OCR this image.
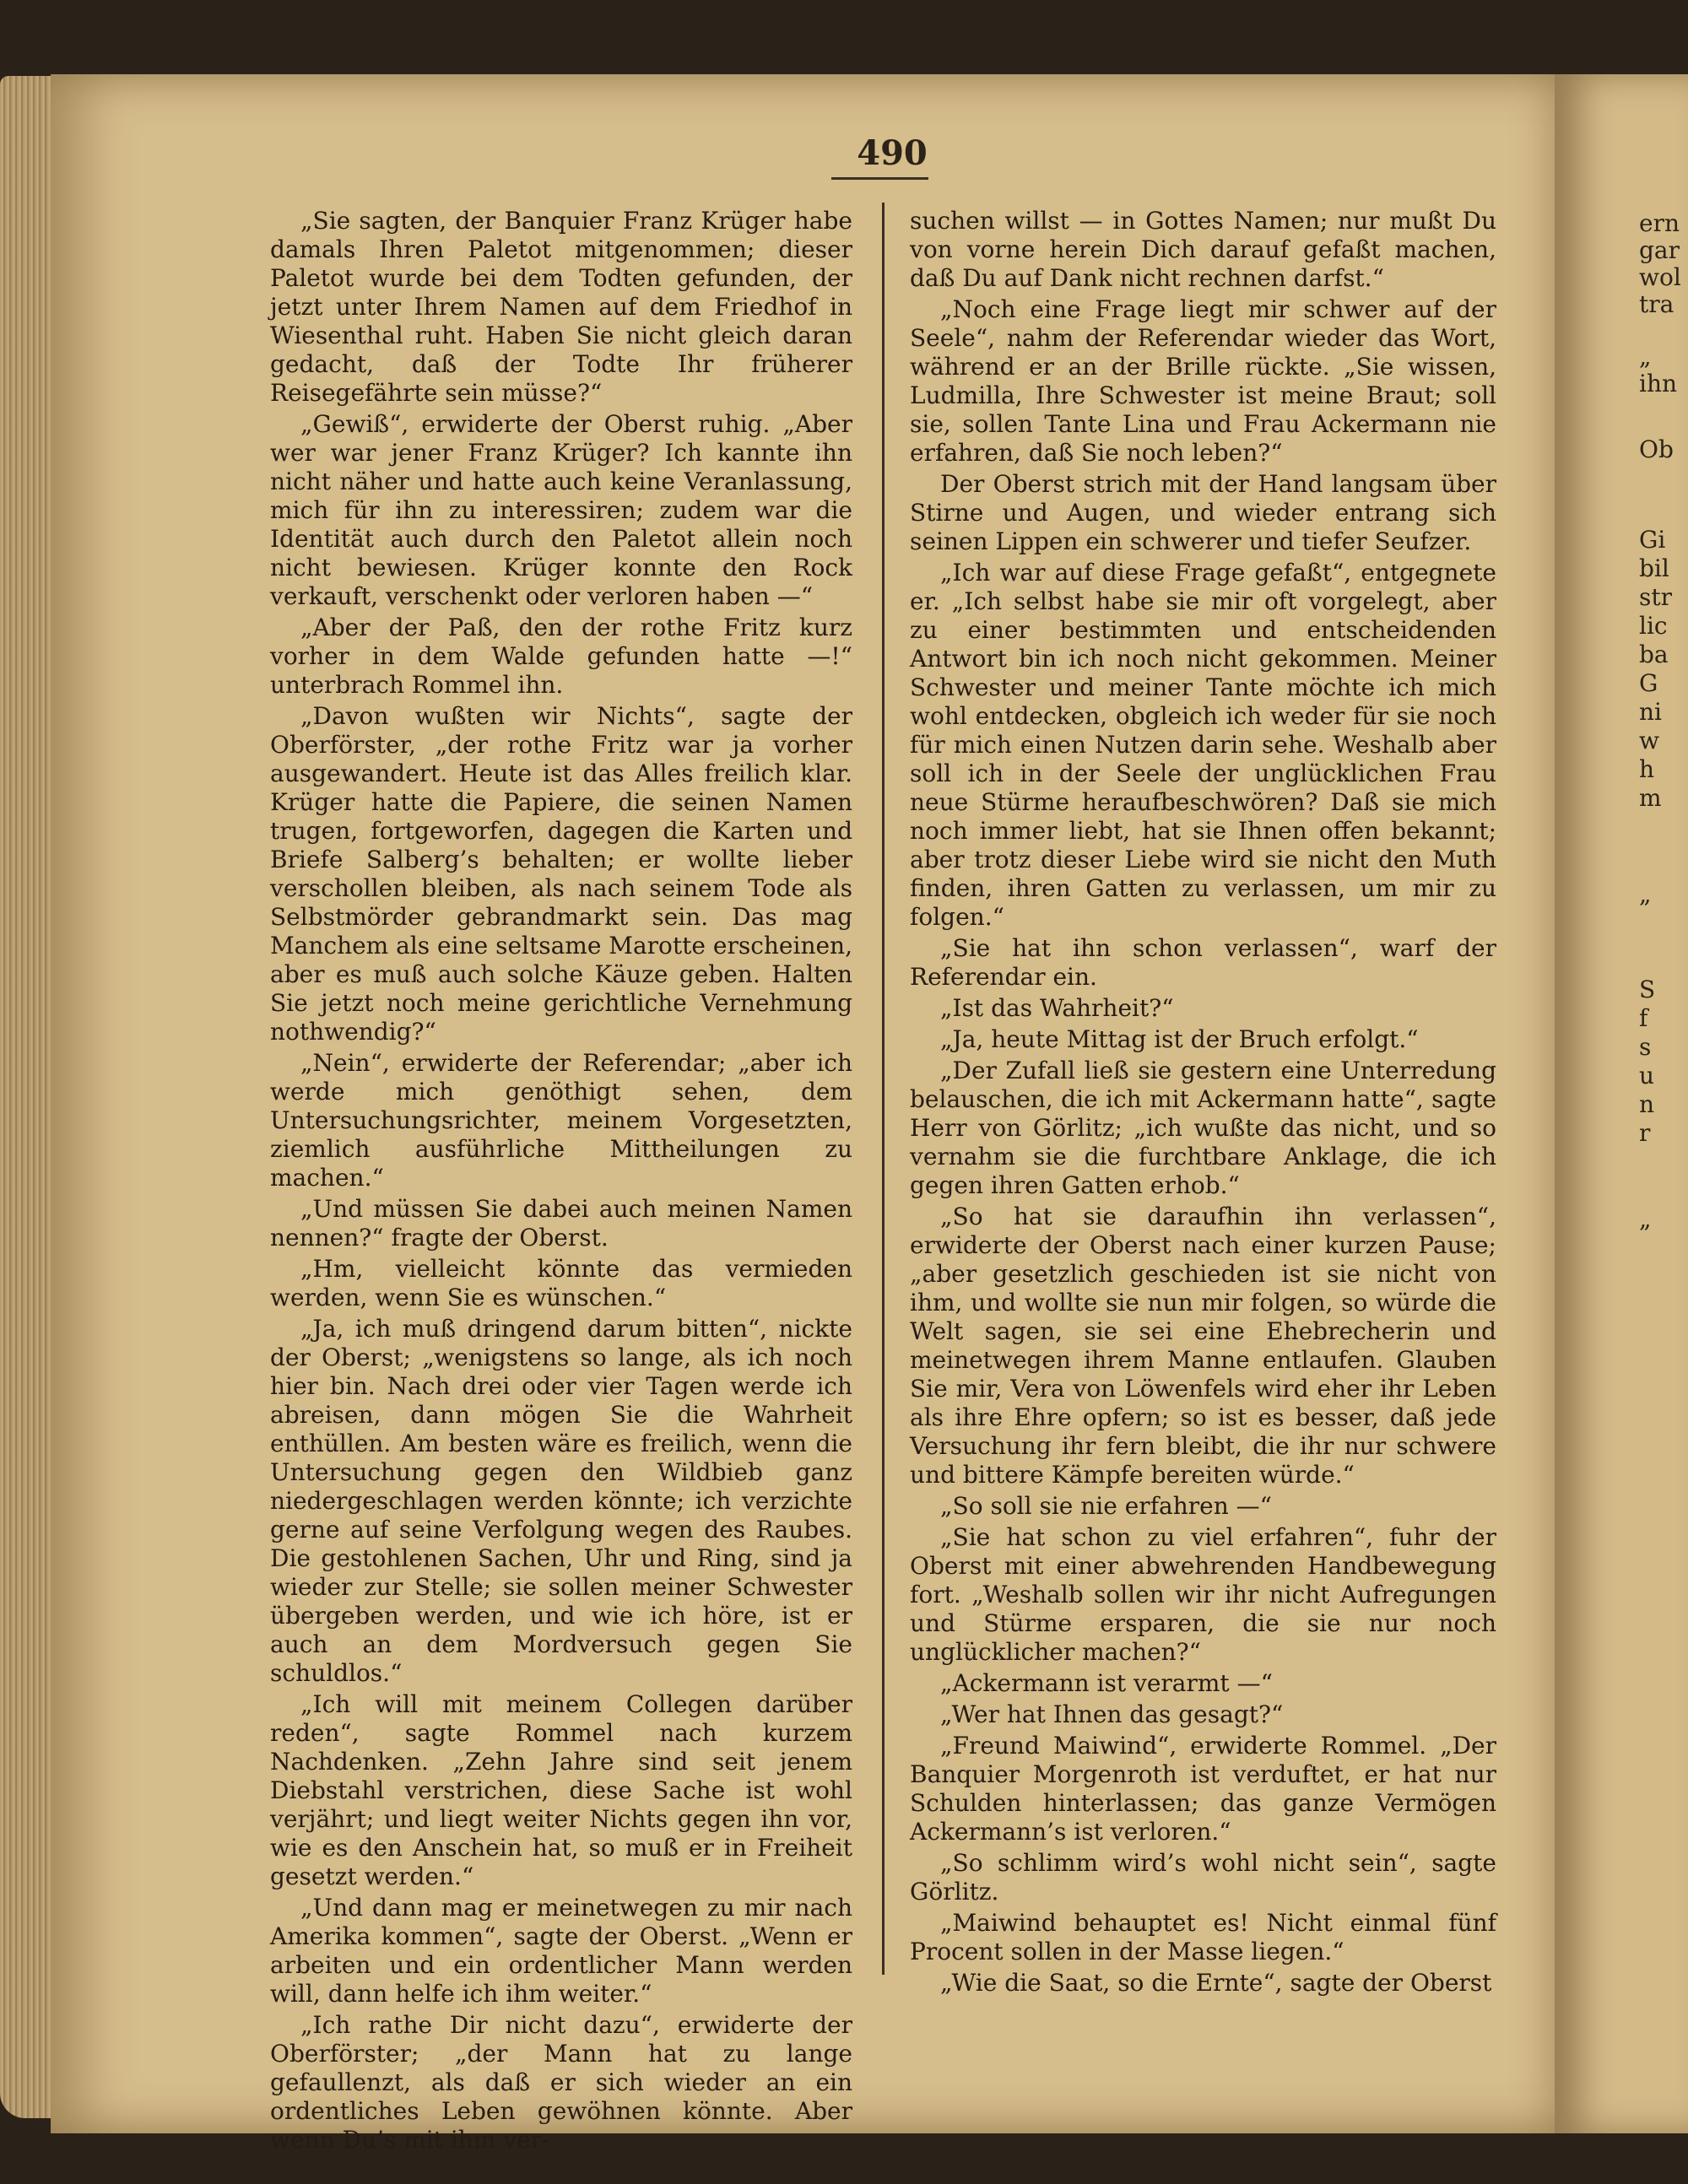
490

„Sie sagten, der Banquier Franz Krüger habe damals Ihren Paletot mitgenommen; dieser Paletot wurde bei dem Todten gefunden, der jetzt unter Ihrem Namen auf dem Friedhof in Wiesenthal ruht. Haben Sie nicht gleich daran gedacht, daß der Todte Ihr früherer Reisegefährte sein müsse?“

„Gewiß“, erwiderte der Oberst ruhig. „Aber wer war jener Franz Krüger? Ich kannte ihn nicht näher und hatte auch keine Veranlassung, mich für ihn zu interessiren; zudem war die Identität auch durch den Paletot allein noch nicht bewiesen. Krüger konnte den Rock verkauft, verschenkt oder verloren haben —“

„Aber der Paß, den der rothe Fritz kurz vorher in dem Walde gefunden hatte —!“ unterbrach Rommel ihn.

„Davon wußten wir Nichts“, sagte der Oberförster, „der rothe Fritz war ja vorher ausgewandert. Heute ist das Alles freilich klar. Krüger hatte die Papiere, die seinen Namen trugen, fortgeworfen, dagegen die Karten und Briefe Salberg’s behalten; er wollte lieber verschollen bleiben, als nach seinem Tode als Selbstmörder gebrandmarkt sein. Das mag Manchem als eine seltsame Marotte erscheinen, aber es muß auch solche Käuze geben. Halten Sie jetzt noch meine gerichtliche Vernehmung nothwendig?“

„Nein“, erwiderte der Referendar; „aber ich werde mich genöthigt sehen, dem Untersuchungsrichter, meinem Vorgesetzten, ziemlich ausführliche Mittheilungen zu machen.“

„Und müssen Sie dabei auch meinen Namen nennen?“ fragte der Oberst.

„Hm, vielleicht könnte das vermieden werden, wenn Sie es wünschen.“

„Ja, ich muß dringend darum bitten“, nickte der Oberst; „wenigstens so lange, als ich noch hier bin. Nach drei oder vier Tagen werde ich abreisen, dann mögen Sie die Wahrheit enthüllen. Am besten wäre es freilich, wenn die Untersuchung gegen den Wildbieb ganz niedergeschlagen werden könnte; ich verzichte gerne auf seine Verfolgung wegen des Raubes. Die gestohlenen Sachen, Uhr und Ring, sind ja wieder zur Stelle; sie sollen meiner Schwester übergeben werden, und wie ich höre, ist er auch an dem Mordversuch gegen Sie schuldlos.“

„Ich will mit meinem Collegen darüber reden“, sagte Rommel nach kurzem Nachdenken. „Zehn Jahre sind seit jenem Diebstahl verstrichen, diese Sache ist wohl verjährt; und liegt weiter Nichts gegen ihn vor, wie es den Anschein hat, so muß er in Freiheit gesetzt werden.“

„Und dann mag er meinetwegen zu mir nach Amerika kommen“, sagte der Oberst. „Wenn er arbeiten und ein ordentlicher Mann werden will, dann helfe ich ihm weiter.“

„Ich rathe Dir nicht dazu“, erwiderte der Oberförster; „der Mann hat zu lange gefaullenzt, als daß er sich wieder an ein ordentliches Leben gewöhnen könnte. Aber wenn Du’s mit ihm ver-

suchen willst — in Gottes Namen; nur mußt Du von vorne herein Dich darauf gefaßt machen, daß Du auf Dank nicht rechnen darfst.“

„Noch eine Frage liegt mir schwer auf der Seele“, nahm der Referendar wieder das Wort, während er an der Brille rückte. „Sie wissen, Ludmilla, Ihre Schwester ist meine Braut; soll sie, sollen Tante Lina und Frau Ackermann nie erfahren, daß Sie noch leben?“

Der Oberst strich mit der Hand langsam über Stirne und Augen, und wieder entrang sich seinen Lippen ein schwerer und tiefer Seufzer.

„Ich war auf diese Frage gefaßt“, entgegnete er. „Ich selbst habe sie mir oft vorgelegt, aber zu einer bestimmten und entscheidenden Antwort bin ich noch nicht gekommen. Meiner Schwester und meiner Tante möchte ich mich wohl entdecken, obgleich ich weder für sie noch für mich einen Nutzen darin sehe. Weshalb aber soll ich in der Seele der unglücklichen Frau neue Stürme heraufbeschwören? Daß sie mich noch immer liebt, hat sie Ihnen offen bekannt; aber trotz dieser Liebe wird sie nicht den Muth finden, ihren Gatten zu verlassen, um mir zu folgen.“

„Sie hat ihn schon verlassen“, warf der Referendar ein.

„Ist das Wahrheit?“

„Ja, heute Mittag ist der Bruch erfolgt.“

„Der Zufall ließ sie gestern eine Unterredung belauschen, die ich mit Ackermann hatte“, sagte Herr von Görlitz; „ich wußte das nicht, und so vernahm sie die furchtbare Anklage, die ich gegen ihren Gatten erhob.“

„So hat sie daraufhin ihn verlassen“, erwiderte der Oberst nach einer kurzen Pause; „aber gesetzlich geschieden ist sie nicht von ihm, und wollte sie nun mir folgen, so würde die Welt sagen, sie sei eine Ehebrecherin und meinetwegen ihrem Manne entlaufen. Glauben Sie mir, Vera von Löwenfels wird eher ihr Leben als ihre Ehre opfern; so ist es besser, daß jede Versuchung ihr fern bleibt, die ihr nur schwere und bittere Kämpfe bereiten würde.“

„So soll sie nie erfahren —“

„Sie hat schon zu viel erfahren“, fuhr der Oberst mit einer abwehrenden Handbewegung fort. „Weshalb sollen wir ihr nicht Aufregungen und Stürme ersparen, die sie nur noch unglücklicher machen?“

„Ackermann ist verarmt —“

„Wer hat Ihnen das gesagt?“

„Freund Maiwind“, erwiderte Rommel. „Der Banquier Morgenroth ist verduftet, er hat nur Schulden hinterlassen; das ganze Vermögen Ackermann’s ist verloren.“

„So schlimm wird’s wohl nicht sein“, sagte Görlitz.

„Maiwind behauptet es! Nicht einmal fünf Procent sollen in der Masse liegen.“

„Wie die Saat, so die Ernte“, sagte der Oberst

ern
gar
wol
tra
„
ihn
Ob
Gi
bil
str
lic
ba
G
ni
w
h
m
„
S
f
s
u
n
r
„
